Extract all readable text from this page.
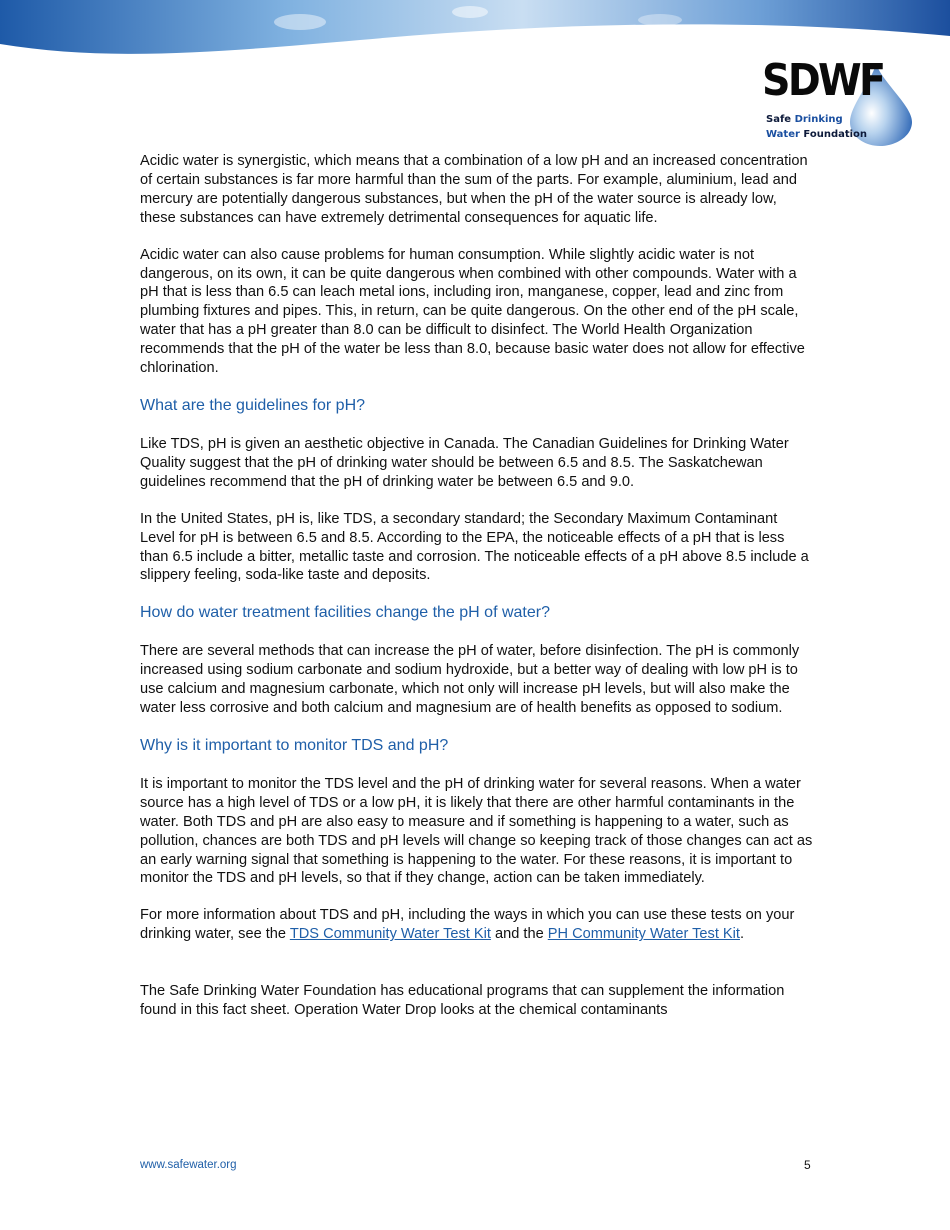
SDWF
Safe Drinking
Water Foundation

Acidic water is synergistic, which means that a combination of a low pH and an increased concentration of certain substances is far more harmful than the sum of the parts. For example, aluminium, lead and mercury are potentially dangerous substances, but when the pH of the water source is already low, these substances can have extremely detrimental consequences for aquatic life.

Acidic water can also cause problems for human consumption. While slightly acidic water is not dangerous, on its own, it can be quite dangerous when combined with other compounds. Water with a pH that is less than 6.5 can leach metal ions, including iron, manganese, copper, lead and zinc from plumbing fixtures and pipes. This, in return, can be quite dangerous. On the other end of the pH scale, water that has a pH greater than 8.0 can be difficult to disinfect. The World Health Organization recommends that the pH of the water be less than 8.0, because basic water does not allow for effective chlorination.

What are the guidelines for pH?

Like TDS, pH is given an aesthetic objective in Canada. The Canadian Guidelines for Drinking Water Quality suggest that the pH of drinking water should be between 6.5 and 8.5. The Saskatchewan guidelines recommend that the pH of drinking water be between 6.5 and 9.0.

In the United States, pH is, like TDS, a secondary standard; the Secondary Maximum Contaminant Level for pH is between 6.5 and 8.5. According to the EPA, the noticeable effects of a pH that is less than 6.5 include a bitter, metallic taste and corrosion. The noticeable effects of a pH above 8.5 include a slippery feeling, soda-like taste and deposits.

How do water treatment facilities change the pH of water?

There are several methods that can increase the pH of water, before disinfection. The pH is commonly increased using sodium carbonate and sodium hydroxide, but a better way of dealing with low pH is to use calcium and magnesium carbonate, which not only will increase pH levels, but will also make the water less corrosive and both calcium and magnesium are of health benefits as opposed to sodium.

Why is it important to monitor TDS and pH?

It is important to monitor the TDS level and the pH of drinking water for several reasons. When a water source has a high level of TDS or a low pH, it is likely that there are other harmful contaminants in the water. Both TDS and pH are also easy to measure and if something is happening to a water, such as pollution, chances are both TDS and pH levels will change so keeping track of those changes can act as an early warning signal that something is happening to the water. For these reasons, it is important to monitor the TDS and pH levels, so that if they change, action can be taken immediately.

For more information about TDS and pH, including the ways in which you can use these tests on your drinking water, see the TDS Community Water Test Kit and the PH Community Water Test Kit.

The Safe Drinking Water Foundation has educational programs that can supplement the information found in this fact sheet. Operation Water Drop looks at the chemical contaminants

www.safewater.org	5
